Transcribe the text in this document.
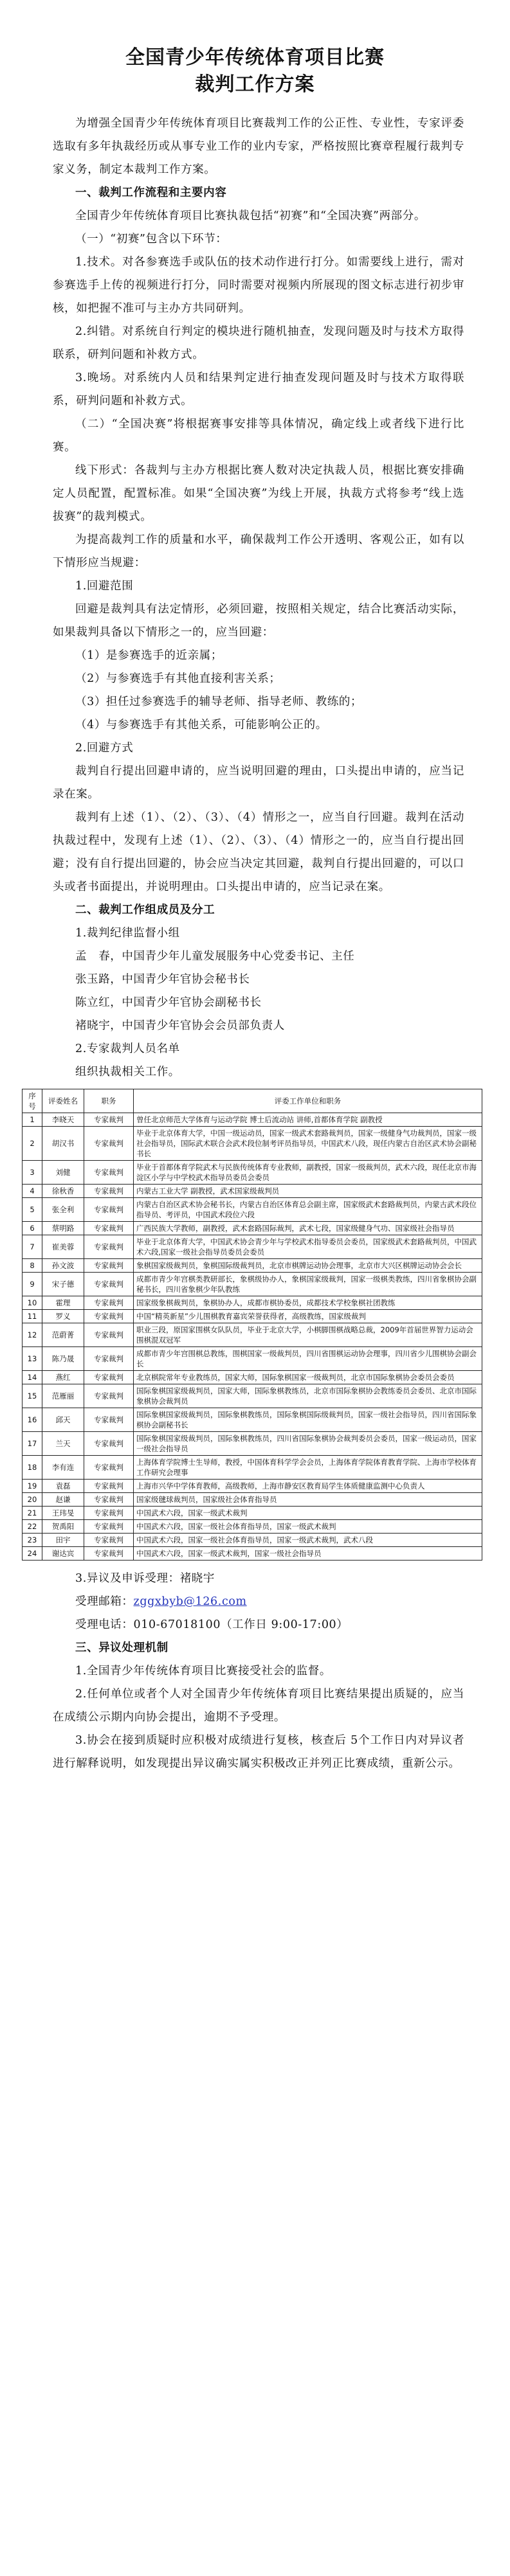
全国青少年传统体育项目比赛
裁判工作方案

为增强全国青少年传统体育项目比赛裁判工作的公正性、专业性，专家评委选取有多年执裁经历或从事专业工作的业内专家，严格按照比赛章程履行裁判专家义务，制定本裁判工作方案。

一、裁判工作流程和主要内容

全国青少年传统体育项目比赛执裁包括“初赛”和“全国决赛”两部分。

（一）“初赛”包含以下环节：

1.技术。对各参赛选手或队伍的技术动作进行打分。如需要线上进行，需对参赛选手上传的视频进行打分，同时需要对视频内所展现的图文标志进行初步审核，如把握不准可与主办方共同研判。

2.纠错。对系统自行判定的模块进行随机抽查，发现问题及时与技术方取得联系，研判问题和补救方式。

3.晚场。对系统内人员和结果判定进行抽查发现问题及时与技术方取得联系，研判问题和补救方式。

（二）“全国决赛”将根据赛事安排等具体情况，确定线上或者线下进行比赛。

线下形式：各裁判与主办方根据比赛人数对决定执裁人员，根据比赛安排确定人员配置，配置标准。如果“全国决赛”为线上开展，执裁方式将参考“线上选拔赛”的裁判模式。

为提高裁判工作的质量和水平，确保裁判工作公开透明、客观公正，如有以下情形应当规避：

1.回避范围

回避是裁判具有法定情形，必须回避，按照相关规定，结合比赛活动实际，如果裁判具备以下情形之一的，应当回避：

（1）是参赛选手的近亲属；

（2）与参赛选手有其他直接利害关系；

（3）担任过参赛选手的辅导老师、指导老师、教练的；

（4）与参赛选手有其他关系，可能影响公正的。

2.回避方式

裁判自行提出回避申请的，应当说明回避的理由，口头提出申请的，应当记录在案。

裁判有上述（1）、（2）、（3）、（4）情形之一，应当自行回避。裁判在活动执裁过程中，发现有上述（1）、（2）、（3）、（4）情形之一的，应当自行提出回避；没有自行提出回避的，协会应当决定其回避，裁判自行提出回避的，可以口头或者书面提出，并说明理由。口头提出申请的，应当记录在案。

二、裁判工作组成员及分工

1.裁判纪律监督小组

孟　春，中国青少年儿童发展服务中心党委书记、主任

张玉路，中国青少年官协会秘书长

陈立红，中国青少年官协会副秘书长

褚晓宇，中国青少年官协会会员部负责人

2.专家裁判人员名单

组织执裁相关工作。

序号	评委姓名	职务	评委工作单位和职务
1	李晓天	专家裁判	曾任北京师范大学体育与运动学院 博士后流动站 讲师,首都体育学院 副教授
2	胡汉书	专家裁判	毕业于北京体育大学，中国一级运动员，国家一级武术套路裁判员，国家一级健身气功裁判员，国家一级社会指导员，国际武术联合会武术段位制考评员指导员，中国武术八段，现任内蒙古自治区武术协会副秘书长
3	刘健	专家裁判	毕业于首都体育学院武术与民族传统体育专业教师，副教授，国家一级裁判员，武术六段，现任北京市海淀区小学与中学校武术指导员委员会委员
4	徐秋香	专家裁判	内蒙古工业大学 副教授，武术国家级裁判员
5	张全利	专家裁判	内蒙古自治区武术协会秘书长，内蒙古自治区体育总会副主席，国家级武术套路裁判员，内蒙古武术段位指导员、考评员，中国武术段位六段
6	蔡明路	专家裁判	广西民族大学教师，副教授，武术套路国际裁判，武术七段，国家级健身气功、国家级社会指导员
7	崔美蓉	专家裁判	毕业于北京体育大学，中国武术协会青少年与学校武术指导委员会委员，国家级武术套路裁判员，中国武术六段,国家一级社会指导员委员会委员
8	孙文波	专家裁判	象棋国家级裁判员，象棋国际级裁判员，北京市棋牌运动协会理事，北京市大兴区棋牌运动协会会长
9	宋子德	专家裁判	成都市青少年宫棋类教研部长，象棋级协办人，象棋国家级裁判，国家一级棋类教练，四川省象棋协会副秘书长，四川省象棋少年队教练
10	霍理	专家裁判	国家级象棋裁判员，象棋协办人，成都市棋协委员，成都技术学校象棋社团教练
11	罗义	专家裁判	中国“精英新星”少儿围棋教育嘉宾荣誉获得者，高级教练，国家级裁判
12	范蔚菁	专家裁判	职业三段，原国家围棋女队队员，毕业于北京大学，小棋脚围棋战略总裁，2009年首届世界智力运动会围棋混双冠军
13	陈乃晟	专家裁判	成都市青少年宫围棋总教练，围棋国家一级裁判员，四川省围棋运动协会理事，四川省少儿围棋协会副会长
14	燕红	专家裁判	北京棋院常年专业教练员，国家大师，国际象棋国家一级裁判员，北京市国际象棋协会委员会委员
15	范雁丽	专家裁判	国际象棋国家级裁判员，国家大师，国际象棋教练员，北京市国际象棋协会教练委员会委员、北京市国际象棋协会裁判员
16	邱天	专家裁判	国际象棋国家级裁判员，国际象棋教练员，国际象棋国际级裁判员，国家一级社会指导员，四川省国际象棋协会副秘书长
17	兰天	专家裁判	国际象棋国家级裁判员，国际象棋教练员，四川省国际象棋协会裁判委员会委员，国家一级运动员，国家一级社会指导员
18	李有连	专家裁判	上海体育学院博士生导师，教授，中国体育科学学会会员，上海体育学院体育教育学院、上海市学校体育工作研究会理事
19	袁磊	专家裁判	上海市兴华中学体育教师，高级教师，上海市静安区教育局学生体质健康监测中心负责人
20	赵谦	专家裁判	国家级毽球裁判员，国家级社会体育指导员
21	王玮旻	专家裁判	中国武术六段，国家一级武术裁判
22	贺禹阳	专家裁判	中国武术六段，国家一级社会体育指导员，国家一级武术裁判
23	田宇	专家裁判	中国武术六段，国家一级社会体育指导员，国家一级武术裁判，武术八段
24	谢达宾	专家裁判	中国武术六段，国家一级武术裁判，国家一级社会指导员

3.异议及申诉受理：褚晓宇

受理邮箱：zggxbyb@126.com

受理电话：010-67018100（工作日 9:00-17:00）

三、异议处理机制

1.全国青少年传统体育项目比赛接受社会的监督。

2.任何单位或者个人对全国青少年传统体育项目比赛结果提出质疑的，应当在成绩公示期内向协会提出，逾期不予受理。

3.协会在接到质疑时应积极对成绩进行复核，核查后 5个工作日内对异议者进行解释说明，如发现提出异议确实属实积极改正并列正比赛成绩，重新公示。
